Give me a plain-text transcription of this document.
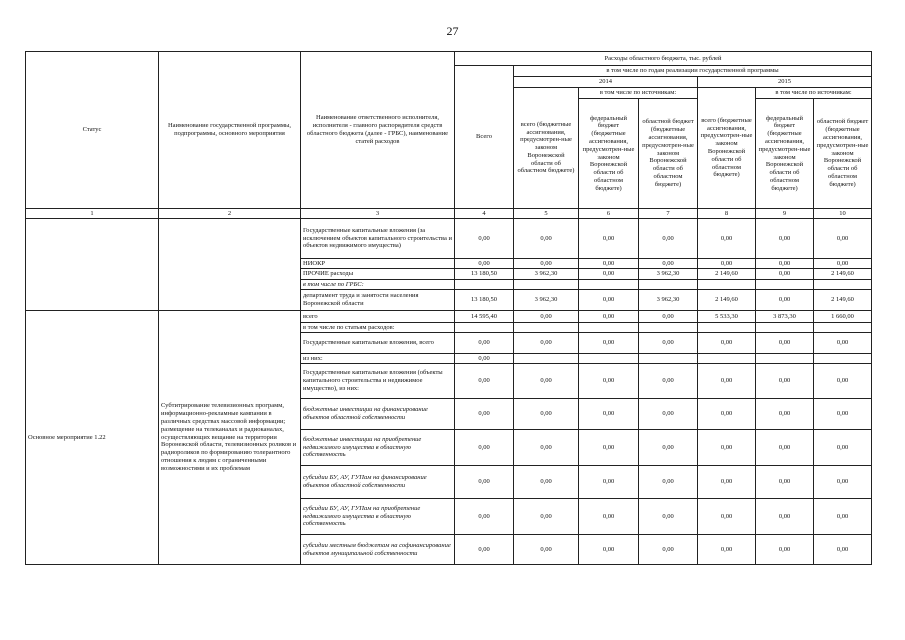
27
Статус	Наименование государственной программы, подпрограммы, основного мероприятия	Наименование ответственного исполнителя, исполнителя - главного распорядителя средств областного бюджета (далее - ГРБС), наименование статей расходов	Расходы областного бюджета, тыс. рублей						
			Всего	в том числе по годам реализации государственной программы					
				2014			2015		
				всего (бюджетные ассигнования, предусмотрен-ные законом Воронежской области об областном бюджете)	в том числе по источникам:		всего (бюджетные ассигнования, предусмотрен-ные законом Воронежской области об областном бюджете)	в том числе по источникам:	
					федеральный бюджет (бюджетные ассигнования, предусмотрен-ные законом Воронежской области об областном бюджете)	областной бюджет (бюджетные ассигнования, предусмотрен-ные законом Воронежской области об областном бюджете)		федеральный бюджет (бюджетные ассигнования, предусмотрен-ные законом Воронежской области об областном бюджете)	областной бюджет (бюджетные ассигнования, предусмотрен-ные законом Воронежской области об областном бюджете)
1	2	3	4	5	6	7	8	9	10
		Государственные капитальные вложения (за исключением объектов капитального строительства и объектов недвижимого имущества)	0,00	0,00	0,00	0,00	0,00	0,00	0,00
		НИОКР	0,00	0,00	0,00	0,00	0,00	0,00	0,00
		ПРОЧИЕ расходы	13 180,50	3 962,30	0,00	3 962,30	2 149,60	0,00	2 149,60
		в том числе по ГРБС:							
		департамент труда и занятости населения Воронежской области	13 180,50	3 962,30	0,00	3 962,30	2 149,60	0,00	2 149,60
Основное мероприятие 1.22	Субтитрирование телевизионных программ, информационно-рекламные кампании в различных средствах массовой информации; размещение на телеканалах и радиоканалах, осуществляющих вещание на территории Воронежской области, телевизионных роликов и радиороликов по формированию толерантного отношения к людям с ограниченными возможностями и их проблемам	всего	14 595,40	0,00	0,00	0,00	5 533,30	3 873,30	1 660,00
		в том числе по статьям расходов:							
		Государственные капитальные вложения, всего	0,00	0,00	0,00	0,00	0,00	0,00	0,00
		из них:	0,00						
		Государственные капитальные вложения (объекты капитального строительства и недвижимое имущество), из них:	0,00	0,00	0,00	0,00	0,00	0,00	0,00
		бюджетные инвестиции на финансирование объектов областной собственности	0,00	0,00	0,00	0,00	0,00	0,00	0,00
		бюджетные инвестиции на приобретение недвижимого имущества в областную собственность	0,00	0,00	0,00	0,00	0,00	0,00	0,00
		субсидии БУ, АУ, ГУПам на финансирование объектов областной собственности	0,00	0,00	0,00	0,00	0,00	0,00	0,00
		субсидии БУ, АУ, ГУПам на приобретение недвижимого имущества в областную собственность	0,00	0,00	0,00	0,00	0,00	0,00	0,00
		субсидии местным бюджетам на софинансирование объектов муниципальной собственности	0,00	0,00	0,00	0,00	0,00	0,00	0,00
